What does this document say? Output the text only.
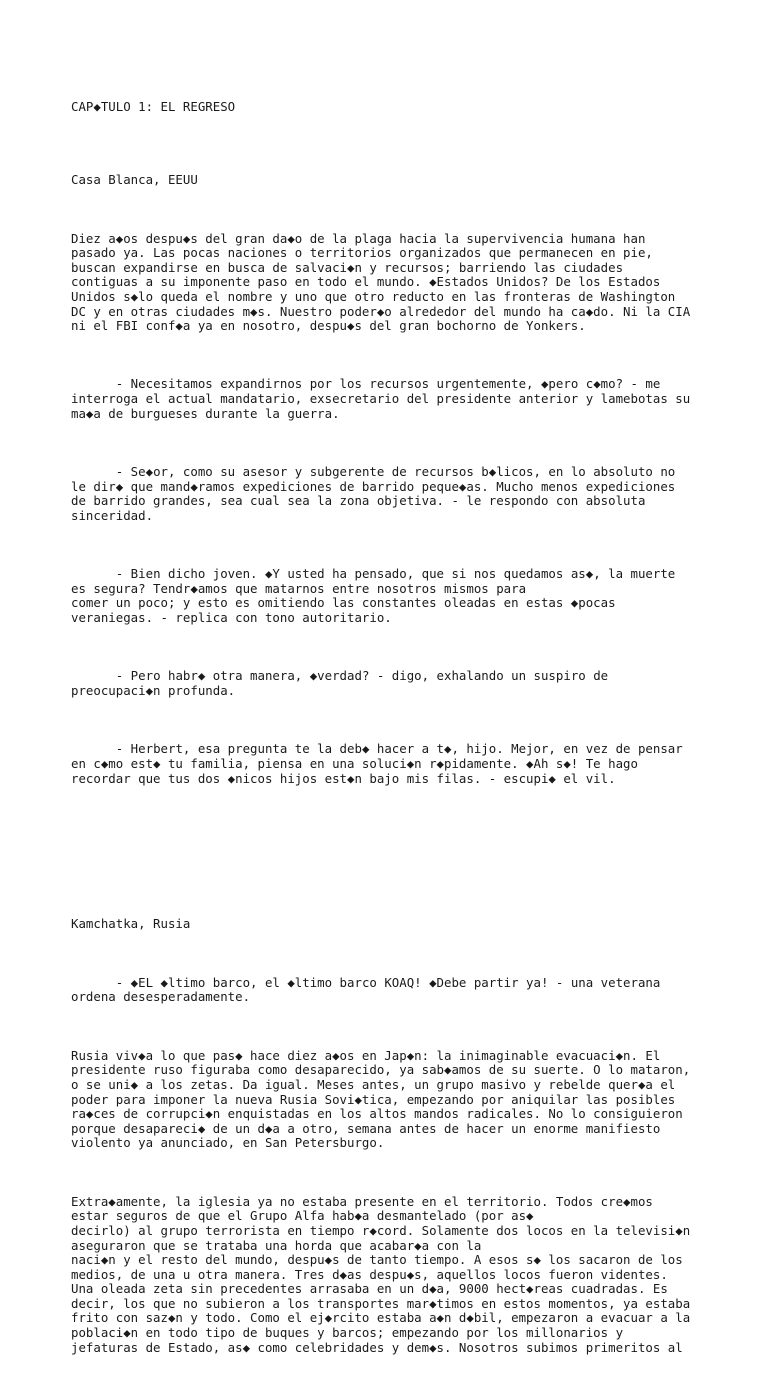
CAP◆TULO 1: EL REGRESO

Casa Blanca, EEUU

Diez a◆os despu◆s del gran da◆o de la plaga hacia la supervivencia humana han
pasado ya. Las pocas naciones o territorios organizados que permanecen en pie,
buscan expandirse en busca de salvaci◆n y recursos; barriendo las ciudades
contiguas a su imponente paso en todo el mundo. ◆Estados Unidos? De los Estados
Unidos s◆lo queda el nombre y uno que otro reducto en las fronteras de Washington
DC y en otras ciudades m◆s. Nuestro poder◆o alrededor del mundo ha ca◆do. Ni la CIA
ni el FBI conf◆a ya en nosotro, despu◆s del gran bochorno de Yonkers.

- Necesitamos expandirnos por los recursos urgentemente, ◆pero c◆mo? - me
interroga el actual mandatario, exsecretario del presidente anterior y lamebotas su
ma◆a de burgueses durante la guerra.

- Se◆or, como su asesor y subgerente de recursos b◆licos, en lo absoluto no
le dir◆ que mand◆ramos expediciones de barrido peque◆as. Mucho menos expediciones
de barrido grandes, sea cual sea la zona objetiva. - le respondo con absoluta
sinceridad.

- Bien dicho joven. ◆Y usted ha pensado, que si nos quedamos as◆, la muerte
es segura? Tendr◆amos que matarnos entre nosotros mismos para
comer un poco; y esto es omitiendo las constantes oleadas en estas ◆pocas
veraniegas. - replica con tono autoritario.

- Pero habr◆ otra manera, ◆verdad? - digo, exhalando un suspiro de
preocupaci◆n profunda.

- Herbert, esa pregunta te la deb◆ hacer a t◆, hijo. Mejor, en vez de pensar
en c◆mo est◆ tu familia, piensa en una soluci◆n r◆pidamente. ◆Ah s◆! Te hago
recordar que tus dos ◆nicos hijos est◆n bajo mis filas. - escupi◆ el vil.

Kamchatka, Rusia

- ◆EL ◆ltimo barco, el ◆ltimo barco KOAQ! ◆Debe partir ya! - una veterana
ordena desesperadamente.

Rusia viv◆a lo que pas◆ hace diez a◆os en Jap◆n: la inimaginable evacuaci◆n. El
presidente ruso figuraba como desaparecido, ya sab◆amos de su suerte. O lo mataron,
o se uni◆ a los zetas. Da igual. Meses antes, un grupo masivo y rebelde quer◆a el
poder para imponer la nueva Rusia Sovi◆tica, empezando por aniquilar las posibles
ra◆ces de corrupci◆n enquistadas en los altos mandos radicales. No lo consiguieron
porque desapareci◆ de un d◆a a otro, semana antes de hacer un enorme manifiesto
violento ya anunciado, en San Petersburgo.

Extra◆amente, la iglesia ya no estaba presente en el territorio. Todos cre◆mos
estar seguros de que el Grupo Alfa hab◆a desmantelado (por as◆
decirlo) al grupo terrorista en tiempo r◆cord. Solamente dos locos en la televisi◆n
aseguraron que se trataba una horda que acabar◆a con la
naci◆n y el resto del mundo, despu◆s de tanto tiempo. A esos s◆ los sacaron de los
medios, de una u otra manera. Tres d◆as despu◆s, aquellos locos fueron videntes.
Una oleada zeta sin precedentes arrasaba en un d◆a, 9000 hect◆reas cuadradas. Es
decir, los que no subieron a los transportes mar◆timos en estos momentos, ya estaba
frito con saz◆n y todo. Como el ej◆rcito estaba a◆n d◆bil, empezaron a evacuar a la
poblaci◆n en todo tipo de buques y barcos; empezando por los millonarios y
jefaturas de Estado, as◆ como celebridades y dem◆s. Nosotros subimos primeritos al
